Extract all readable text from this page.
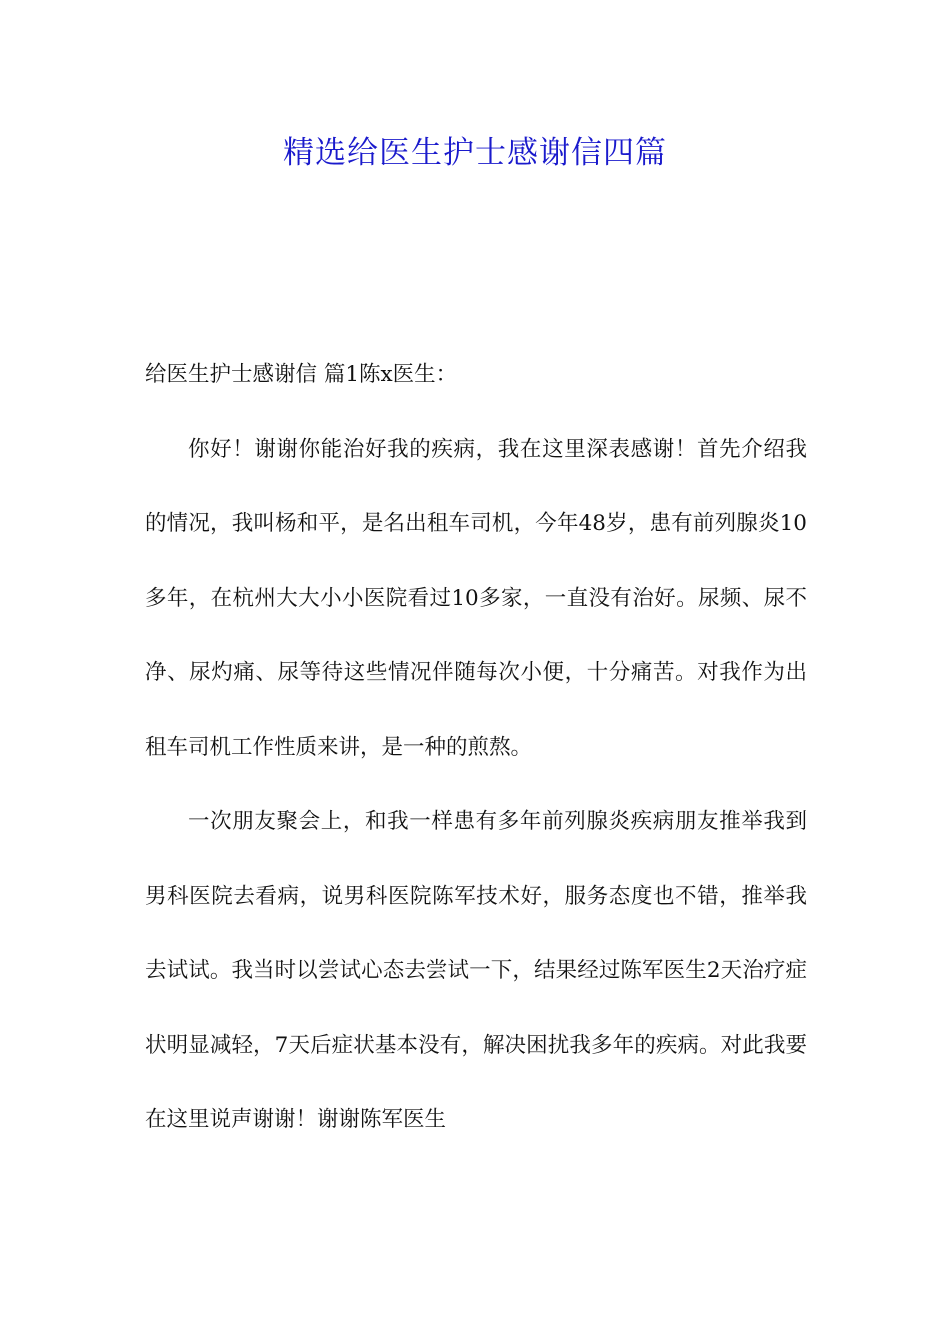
精选给医生护士感谢信四篇

给医生护士感谢信 篇1陈x医生：

你好！谢谢你能治好我的疾病，我在这里深表感谢！首先介绍我的情况，我叫杨和平，是名出租车司机，今年48岁，患有前列腺炎10多年，在杭州大大小小医院看过10多家，一直没有治好。尿频、尿不净、尿灼痛、尿等待这些情况伴随每次小便，十分痛苦。对我作为出租车司机工作性质来讲，是一种的煎熬。

一次朋友聚会上，和我一样患有多年前列腺炎疾病朋友推举我到男科医院去看病，说男科医院陈军技术好，服务态度也不错，推举我去试试。我当时以尝试心态去尝试一下，结果经过陈军医生2天治疗症状明显减轻，7天后症状基本没有，解决困扰我多年的疾病。对此我要在这里说声谢谢！谢谢陈军医生
